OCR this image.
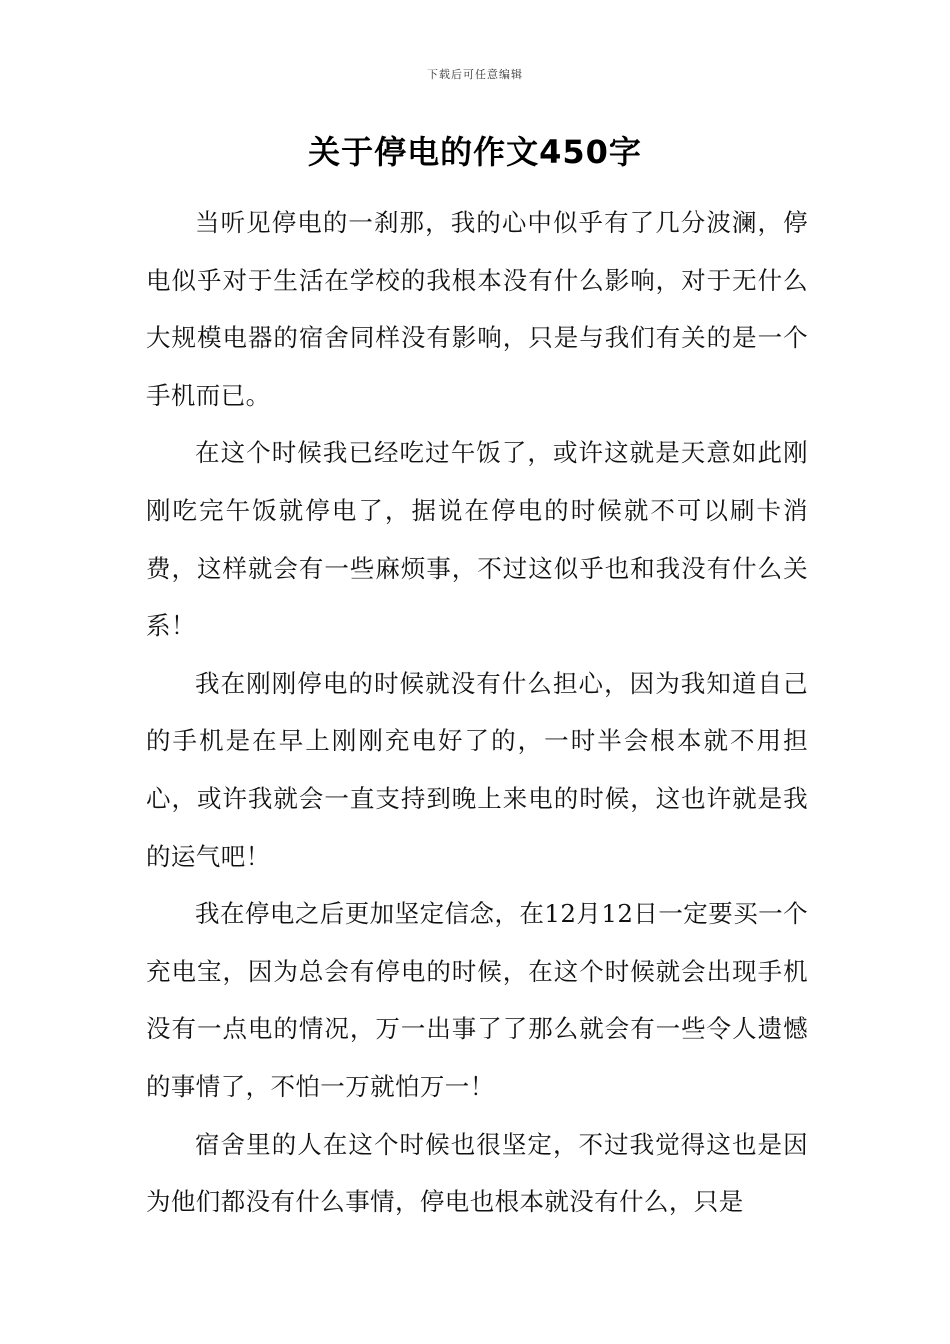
下载后可任意编辑
关于停电的作文450字

当听见停电的一刹那，我的心中似乎有了几分波澜，停电似乎对于生活在学校的我根本没有什么影响，对于无什么大规模电器的宿舍同样没有影响，只是与我们有关的是一个手机而已。

在这个时候我已经吃过午饭了，或许这就是天意如此刚刚吃完午饭就停电了，据说在停电的时候就不可以刷卡消费，这样就会有一些麻烦事，不过这似乎也和我没有什么关系！

我在刚刚停电的时候就没有什么担心，因为我知道自己的手机是在早上刚刚充电好了的，一时半会根本就不用担心，或许我就会一直支持到晚上来电的时候，这也许就是我的运气吧！

我在停电之后更加坚定信念，在12月12日一定要买一个充电宝，因为总会有停电的时候，在这个时候就会出现手机没有一点电的情况，万一出事了了那么就会有一些令人遗憾的事情了，不怕一万就怕万一！

宿舍里的人在这个时候也很坚定，不过我觉得这也是因为他们都没有什么事情，停电也根本就没有什么，只是
